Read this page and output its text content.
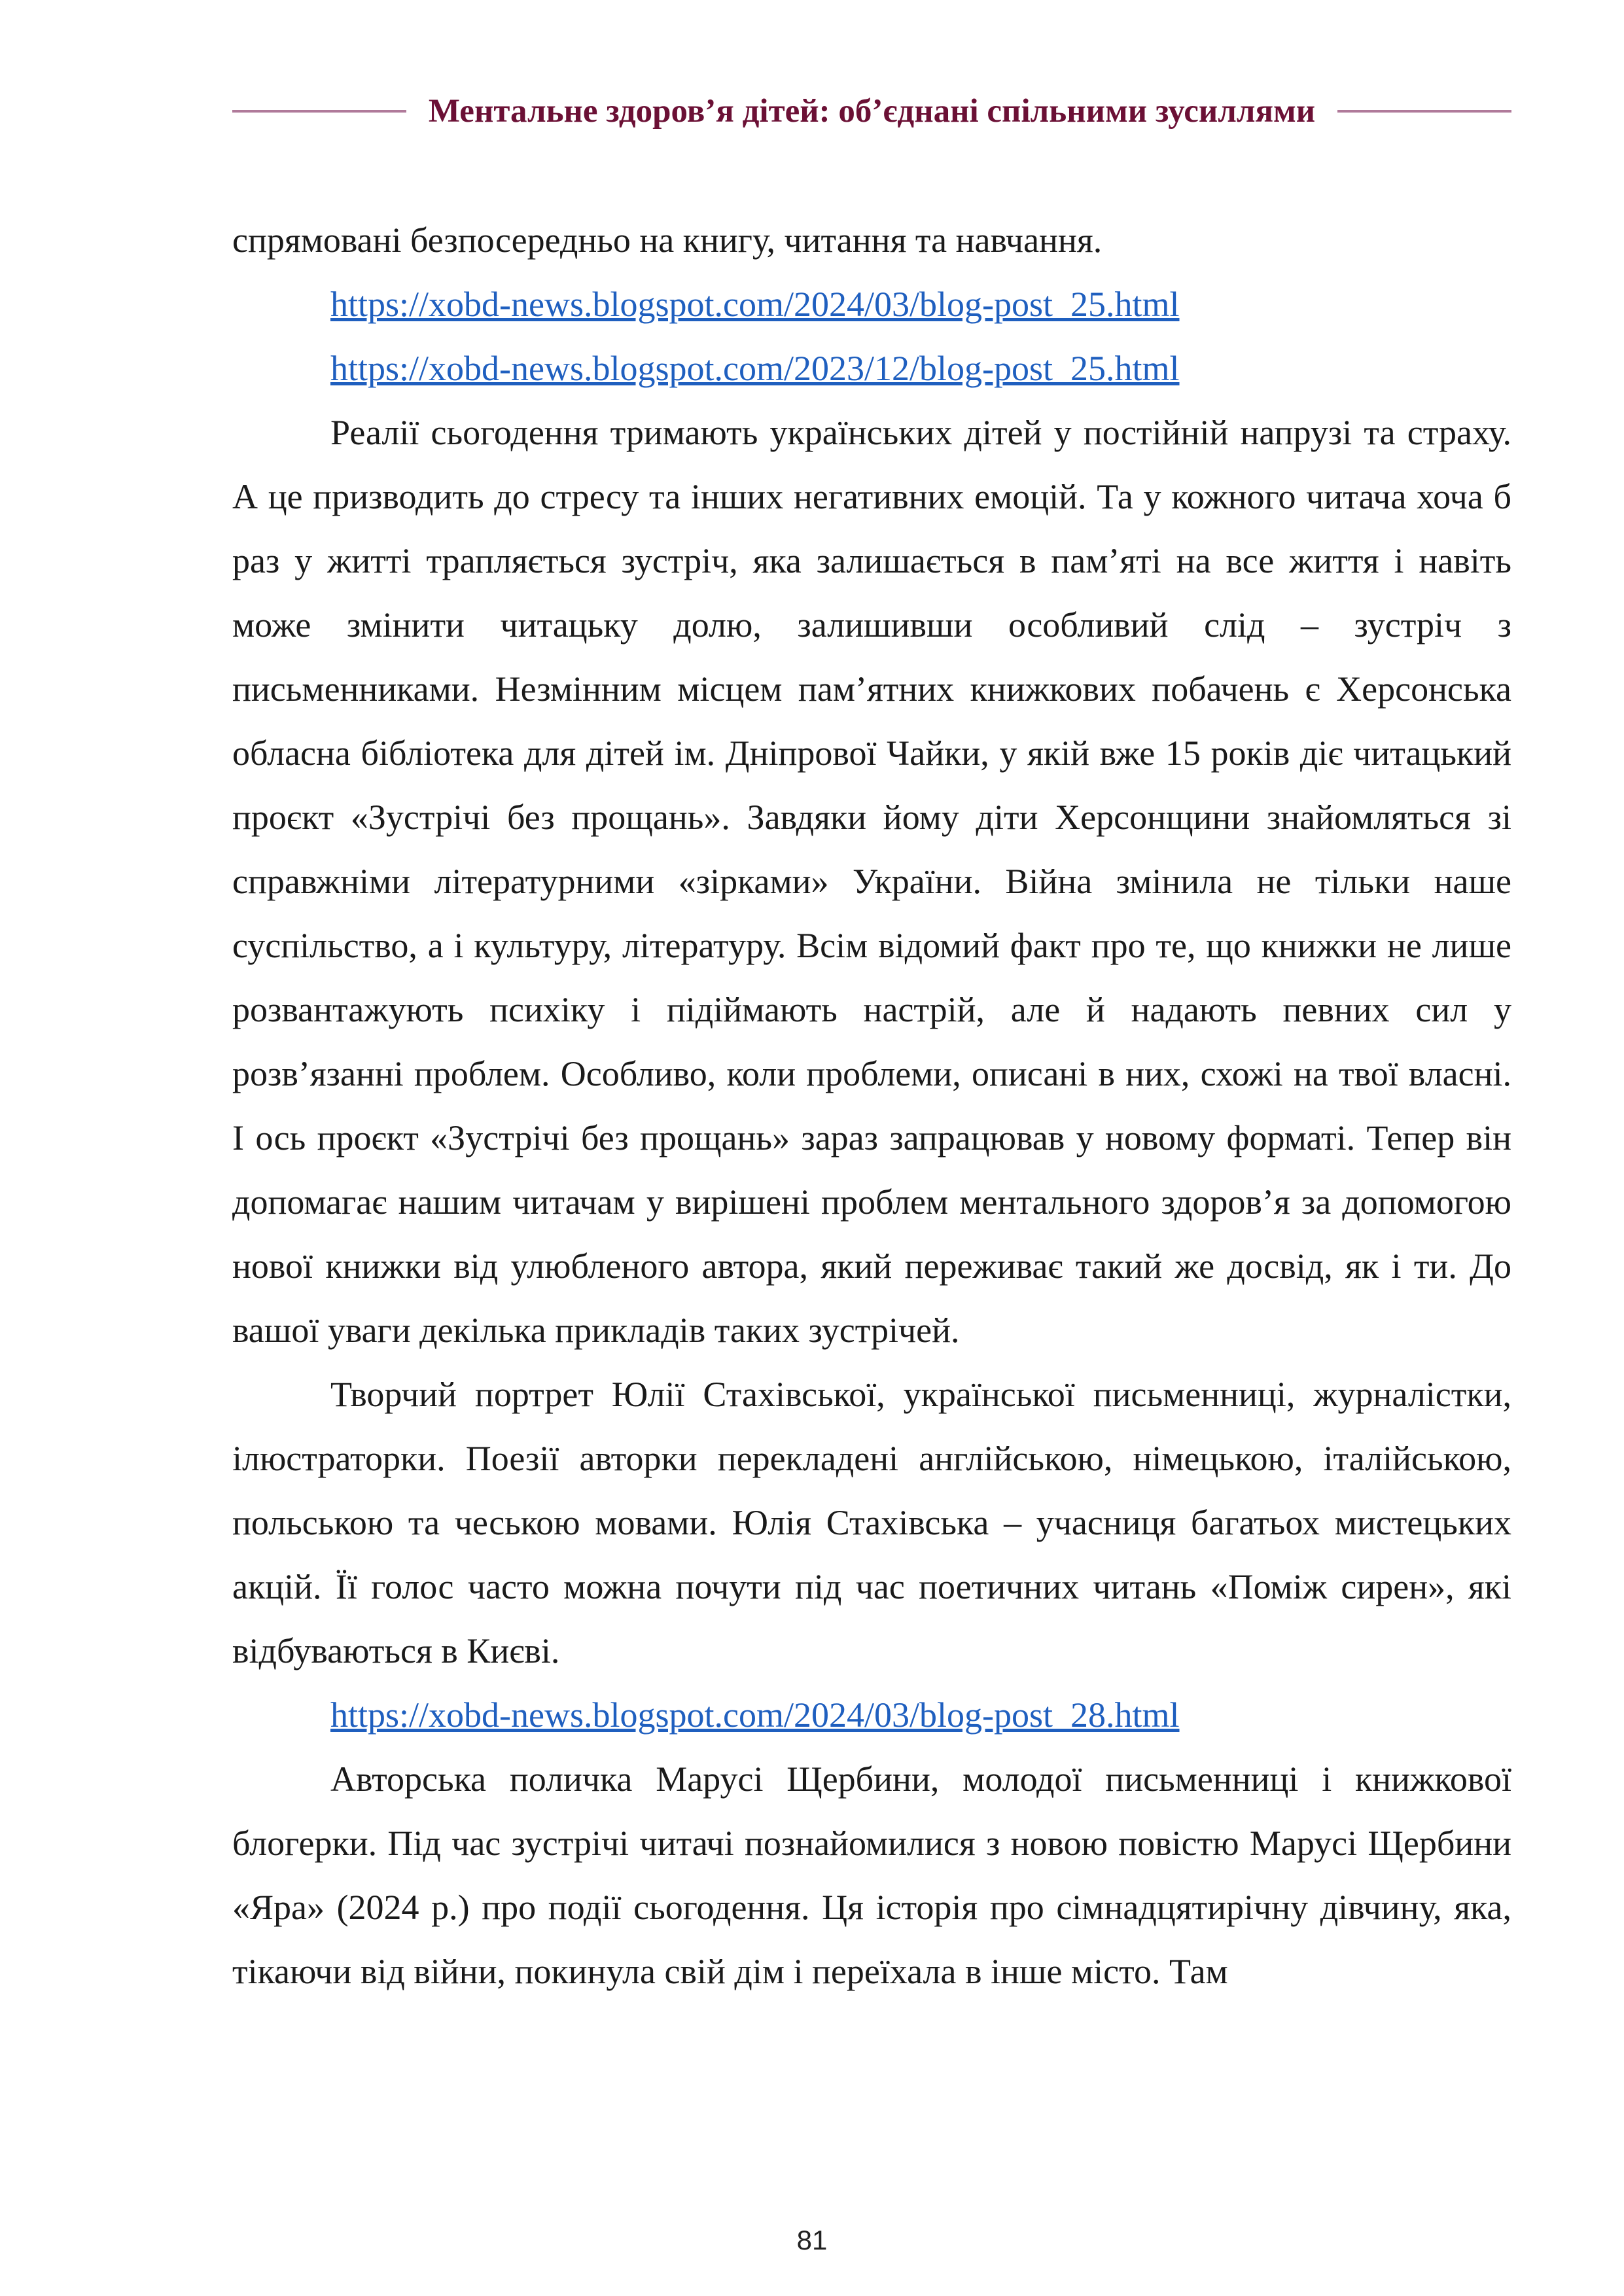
Ментальне здоров’я дітей: об’єднані спільними зусиллями

спрямовані безпосередньо на книгу, читання та навчання.

https://xobd-news.blogspot.com/2024/03/blog-post_25.html

https://xobd-news.blogspot.com/2023/12/blog-post_25.html

Реалії сьогодення тримають українських дітей у постійній напрузі та страху. А це призводить до стресу та інших негативних емоцій. Та у кожного читача хоча б раз у житті трапляється зустріч, яка залишається в пам’яті на все життя і навіть може змінити читацьку долю, залишивши особливий слід – зустріч з письменниками. Незмінним місцем пам’ятних книжкових побачень є Херсонська обласна бібліотека для дітей ім. Дніпрової Чайки, у якій вже 15 років діє читацький проєкт «Зустрічі без прощань». Завдяки йому діти Херсонщини знайомляться зі справжніми літературними «зірками» України. Війна змінила не тільки наше суспільство, а і культуру, літературу. Всім відомий факт про те, що книжки не лише розвантажують психіку і підіймають настрій, але й надають певних сил у розв’язанні проблем. Особливо, коли проблеми, описані в них, схожі на твої власні. І ось проєкт «Зустрічі без прощань» зараз запрацював у новому форматі. Тепер він допомагає нашим читачам у вирішені проблем ментального здоров’я за допомогою нової книжки від улюбленого автора, який переживає такий же досвід, як і ти. До вашої уваги декілька прикладів таких зустрічей.

Творчий портрет Юлії Стахівської, української письменниці, журналістки, ілюстраторки. Поезії авторки перекладені англійською, німецькою, італійською, польською та чеською мовами. Юлія Стахівська – учасниця багатьох мистецьких акцій. Її голос часто можна почути під час поетичних читань «Поміж сирен», які відбуваються в Києві.

https://xobd-news.blogspot.com/2024/03/blog-post_28.html

Авторська поличка Марусі Щербини, молодої письменниці і книжкової блогерки. Під час зустрічі читачі познайомилися з новою повістю Марусі Щербини «Яра» (2024 р.) про події сьогодення. Ця історія про сімнадцятирічну дівчину, яка, тікаючи від війни, покинула свій дім і переїхала в інше місто. Там

81
